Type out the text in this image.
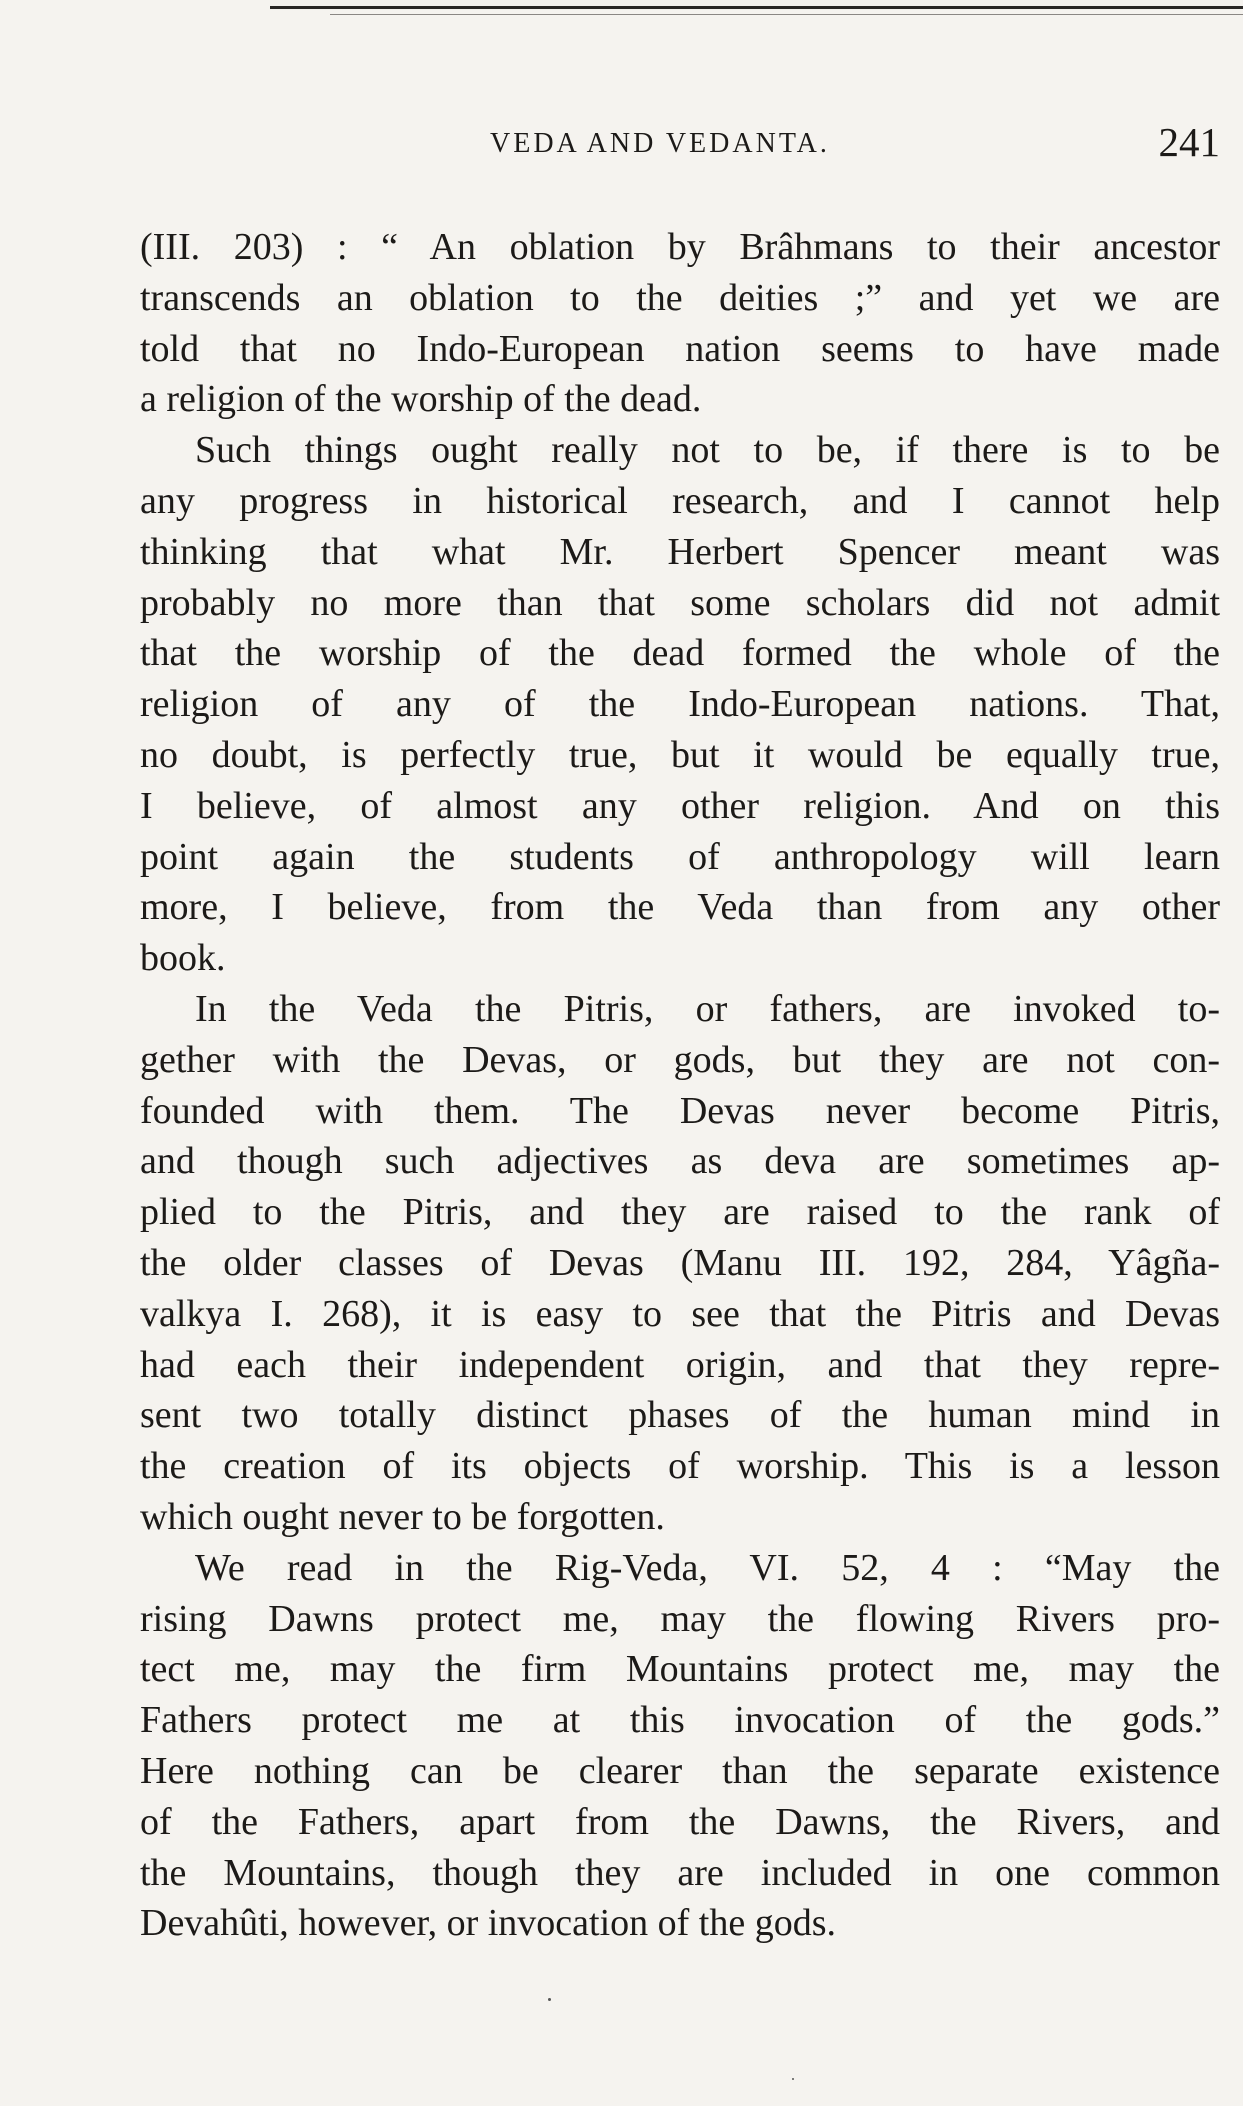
VEDA AND VEDANTA.	241

(III. 203) : “ An oblation by Brâhmans to their ancestor
transcends an oblation to the deities ;” and yet we are
told that no Indo-European nation seems to have made
a religion of the worship of the dead.

Such things ought really not to be, if there is to be
any progress in historical research, and I cannot help
thinking that what Mr. Herbert Spencer meant was
probably no more than that some scholars did not admit
that the worship of the dead formed the whole of the
religion of any of the Indo-European nations. That,
no doubt, is perfectly true, but it would be equally true,
I believe, of almost any other religion. And on this
point again the students of anthropology will learn
more, I believe, from the Veda than from any other
book.

In the Veda the Pitris, or fathers, are invoked to-
gether with the Devas, or gods, but they are not con-
founded with them. The Devas never become Pitris,
and though such adjectives as deva are sometimes ap-
plied to the Pitris, and they are raised to the rank of
the older classes of Devas (Manu III. 192, 284, Yâgña-
valkya I. 268), it is easy to see that the Pitris and Devas
had each their independent origin, and that they repre-
sent two totally distinct phases of the human mind in
the creation of its objects of worship. This is a lesson
which ought never to be forgotten.

We read in the Rig-Veda, VI. 52, 4 : “May the
rising Dawns protect me, may the flowing Rivers pro-
tect me, may the firm Mountains protect me, may the
Fathers protect me at this invocation of the gods.”
Here nothing can be clearer than the separate existence
of the Fathers, apart from the Dawns, the Rivers, and
the Mountains, though they are included in one common
Devahûti, however, or invocation of the gods.
